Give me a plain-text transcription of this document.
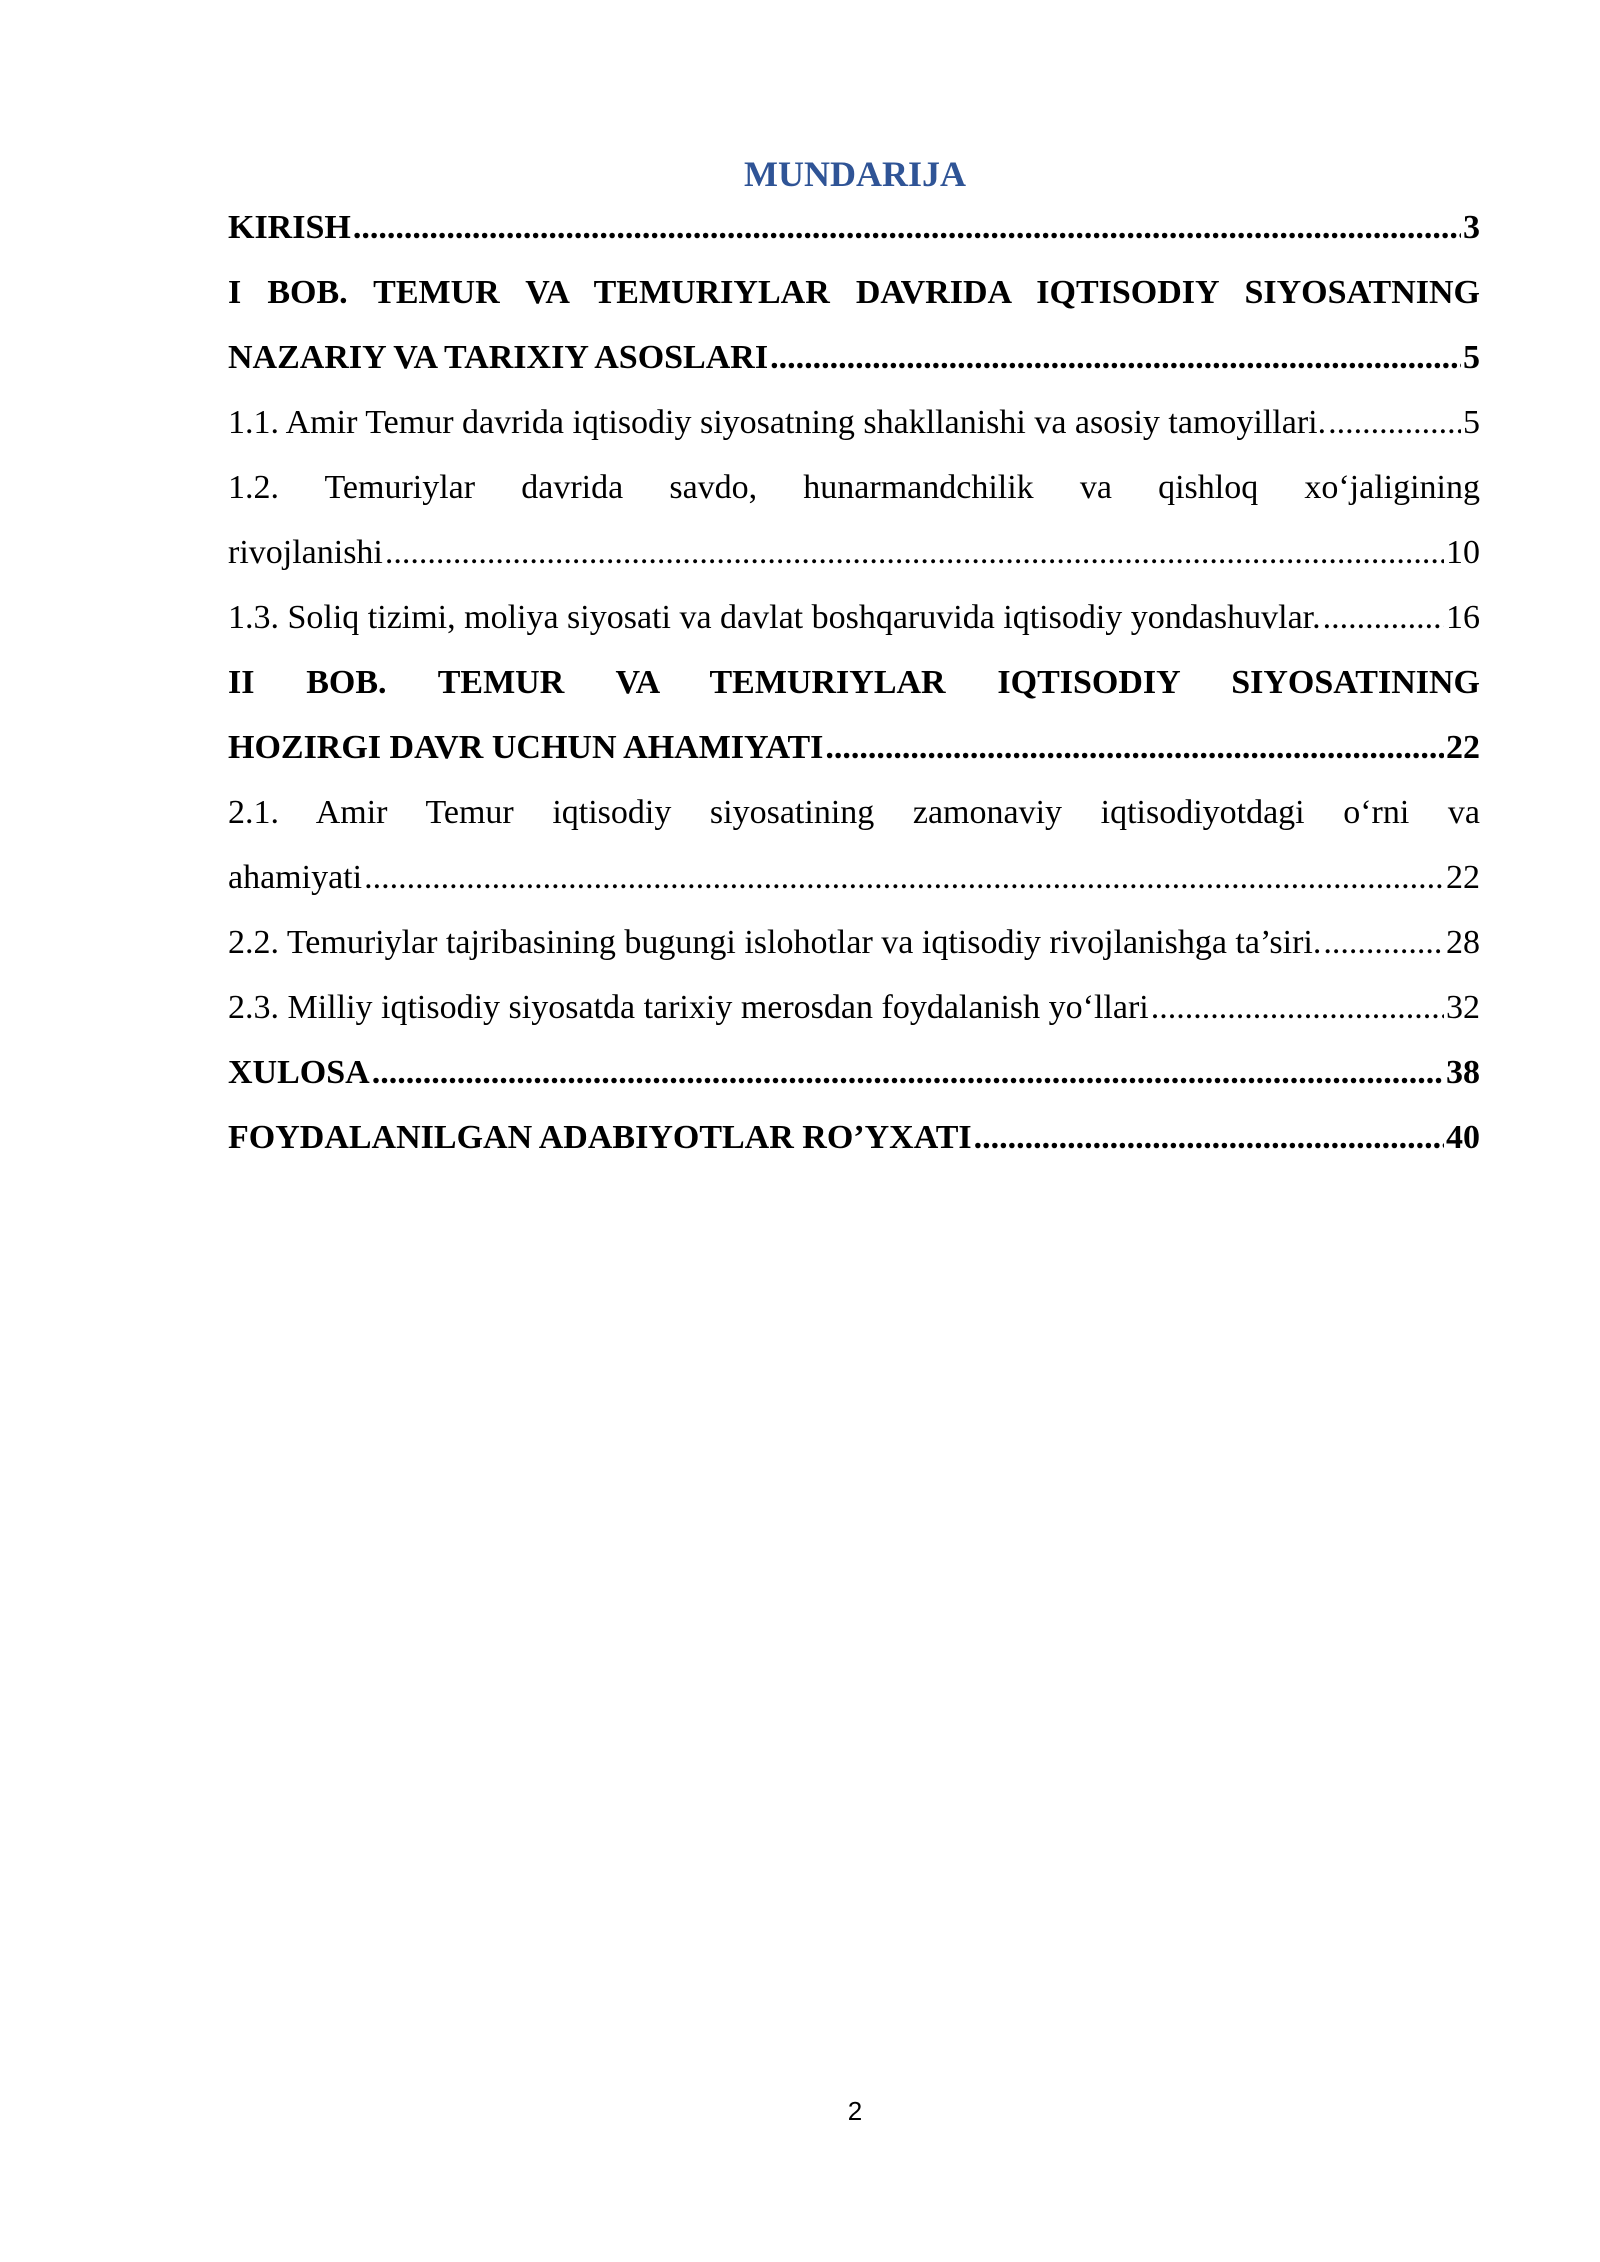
MUNDARIJA
KIRISH .....	3
I BOB. TEMUR VA TEMURIYLAR DAVRIDA IQTISODIY SIYOSATNING
NAZARIY VA TARIXIY ASOSLARI .....	5
1.1. Amir Temur davrida iqtisodiy siyosatning shakllanishi va asosiy tamoyillari. .....	5
1.2. Temuriylar davrida savdo, hunarmandchilik va qishloq xo‘jaligining
rivojlanishi .....	10
1.3. Soliq tizimi, moliya siyosati va davlat boshqaruvida iqtisodiy yondashuvlar. .....	16
II BOB. TEMUR VA TEMURIYLAR IQTISODIY SIYOSATINING
HOZIRGI DAVR UCHUN AHAMIYATI .....	22
2.1. Amir Temur iqtisodiy siyosatining zamonaviy iqtisodiyotdagi o‘rni va
ahamiyati .....	22
2.2. Temuriylar tajribasining bugungi islohotlar va iqtisodiy rivojlanishga ta’siri. .....	28
2.3. Milliy iqtisodiy siyosatda tarixiy merosdan foydalanish yo‘llari .....	32
XULOSA .....	38
FOYDALANILGAN ADABIYOTLAR RO’YXATI .....	40
2
